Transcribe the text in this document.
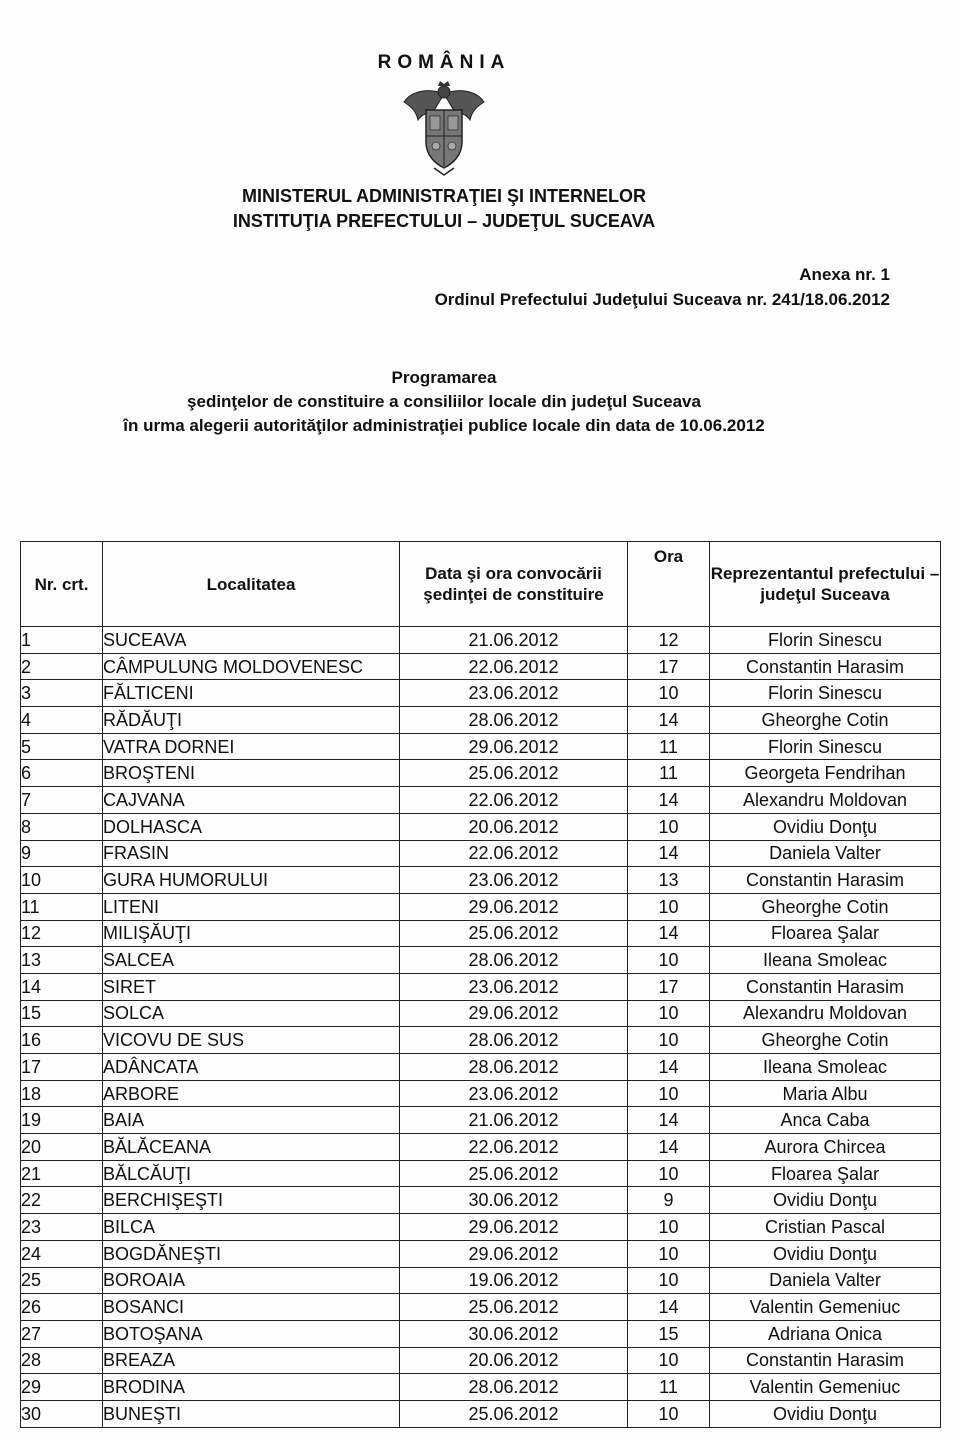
ROMÂNIA
MINISTERUL ADMINISTRAŢIEI ŞI INTERNELOR
INSTITUŢIA PREFECTULUI – JUDEŢUL SUCEAVA
Anexa nr. 1
Ordinul Prefectului Judeţului Suceava nr. 241/18.06.2012
Programarea
şedinţelor de constituire a consiliilor locale din judeţul Suceava
în urma alegerii autorităţilor administraţiei publice locale din data de 10.06.2012
Nr. crt.	Localitatea	Data şi ora convocării şedinţei de constituire	Ora	Reprezentantul prefectului – judeţul Suceava
1	SUCEAVA	21.06.2012	12	Florin Sinescu
2	CÂMPULUNG MOLDOVENESC	22.06.2012	17	Constantin Harasim
3	FĂLTICENI	23.06.2012	10	Florin Sinescu
4	RĂDĂUŢI	28.06.2012	14	Gheorghe Cotin
5	VATRA DORNEI	29.06.2012	11	Florin Sinescu
6	BROŞTENI	25.06.2012	11	Georgeta Fendrihan
7	CAJVANA	22.06.2012	14	Alexandru Moldovan
8	DOLHASCA	20.06.2012	10	Ovidiu Donţu
9	FRASIN	22.06.2012	14	Daniela Valter
10	GURA HUMORULUI	23.06.2012	13	Constantin Harasim
11	LITENI	29.06.2012	10	Gheorghe Cotin
12	MILIŞĂUŢI	25.06.2012	14	Floarea Şalar
13	SALCEA	28.06.2012	10	Ileana Smoleac
14	SIRET	23.06.2012	17	Constantin Harasim
15	SOLCA	29.06.2012	10	Alexandru Moldovan
16	VICOVU DE SUS	28.06.2012	10	Gheorghe Cotin
17	ADÂNCATA	28.06.2012	14	Ileana Smoleac
18	ARBORE	23.06.2012	10	Maria Albu
19	BAIA	21.06.2012	14	Anca Caba
20	BĂLĂCEANA	22.06.2012	14	Aurora Chircea
21	BĂLCĂUŢI	25.06.2012	10	Floarea Şalar
22	BERCHIŞEŞTI	30.06.2012	9	Ovidiu Donţu
23	BILCA	29.06.2012	10	Cristian Pascal
24	BOGDĂNEŞTI	29.06.2012	10	Ovidiu Donţu
25	BOROAIA	19.06.2012	10	Daniela Valter
26	BOSANCI	25.06.2012	14	Valentin Gemeniuc
27	BOTOŞANA	30.06.2012	15	Adriana Onica
28	BREAZA	20.06.2012	10	Constantin Harasim
29	BRODINA	28.06.2012	11	Valentin Gemeniuc
30	BUNEŞTI	25.06.2012	10	Ovidiu Donţu
